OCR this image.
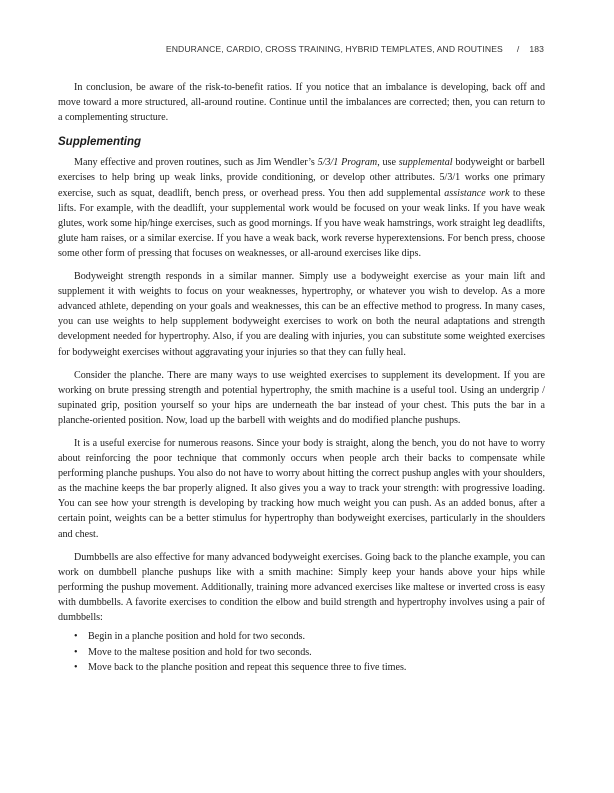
ENDURANCE, CARDIO, CROSS TRAINING, HYBRID TEMPLATES, AND ROUTINES / 183

In conclusion, be aware of the risk-to-benefit ratios. If you notice that an imbalance is developing, back off and move toward a more structured, all-around routine. Continue until the imbalances are corrected; then, you can return to a complementing structure.

Supplementing

Many effective and proven routines, such as Jim Wendler’s 5/3/1 Program, use supplemental bodyweight or barbell exercises to help bring up weak links, provide conditioning, or develop other attributes. 5/3/1 works one primary exercise, such as squat, deadlift, bench press, or overhead press. You then add supplemental assistance work to these lifts. For example, with the deadlift, your supplemental work would be focused on your weak links. If you have weak glutes, work some hip/hinge exercises, such as good mornings. If you have weak hamstrings, work straight leg deadlifts, glute ham raises, or a similar exercise. If you have a weak back, work reverse hyperextensions. For bench press, choose some other form of pressing that focuses on weaknesses, or all-around exercises like dips.

Bodyweight strength responds in a similar manner. Simply use a bodyweight exercise as your main lift and supplement it with weights to focus on your weaknesses, hypertrophy, or whatever you wish to develop. As a more advanced athlete, depending on your goals and weaknesses, this can be an effective method to progress. In many cases, you can use weights to help supplement bodyweight exercises to work on both the neural adaptations and strength development needed for hypertrophy. Also, if you are dealing with injuries, you can substitute some weighted exercises for bodyweight exercises without aggravating your injuries so that they can fully heal.

Consider the planche. There are many ways to use weighted exercises to supplement its development. If you are working on brute pressing strength and potential hypertrophy, the smith machine is a useful tool. Using an undergrip / supinated grip, position yourself so your hips are underneath the bar instead of your chest. This puts the bar in a planche-oriented position. Now, load up the barbell with weights and do modified planche pushups.

It is a useful exercise for numerous reasons. Since your body is straight, along the bench, you do not have to worry about reinforcing the poor technique that commonly occurs when people arch their backs to compensate while performing planche pushups. You also do not have to worry about hitting the correct pushup angles with your shoulders, as the machine keeps the bar properly aligned. It also gives you a way to track your strength: with progressive loading. You can see how your strength is developing by tracking how much weight you can push. As an added bonus, after a certain point, weights can be a better stimulus for hypertrophy than bodyweight exercises, particularly in the shoulders and chest.

Dumbbells are also effective for many advanced bodyweight exercises. Going back to the planche example, you can work on dumbbell planche pushups like with a smith machine: Simply keep your hands above your hips while performing the pushup movement. Additionally, training more advanced exercises like maltese or inverted cross is easy with dumbbells. A favorite exercises to condition the elbow and build strength and hypertrophy involves using a pair of dumbbells:

• Begin in a planche position and hold for two seconds.
• Move to the maltese position and hold for two seconds.
• Move back to the planche position and repeat this sequence three to five times.
